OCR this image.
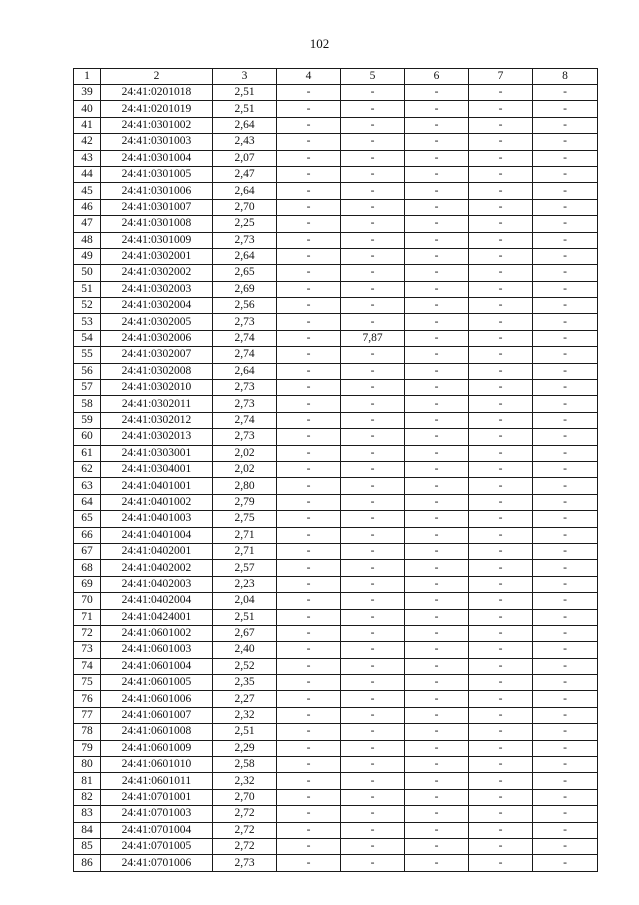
102
1	2	3	4	5	6	7	8
39	24:41:0201018	2,51	-	-	-	-	-
40	24:41:0201019	2,51	-	-	-	-	-
41	24:41:0301002	2,64	-	-	-	-	-
42	24:41:0301003	2,43	-	-	-	-	-
43	24:41:0301004	2,07	-	-	-	-	-
44	24:41:0301005	2,47	-	-	-	-	-
45	24:41:0301006	2,64	-	-	-	-	-
46	24:41:0301007	2,70	-	-	-	-	-
47	24:41:0301008	2,25	-	-	-	-	-
48	24:41:0301009	2,73	-	-	-	-	-
49	24:41:0302001	2,64	-	-	-	-	-
50	24:41:0302002	2,65	-	-	-	-	-
51	24:41:0302003	2,69	-	-	-	-	-
52	24:41:0302004	2,56	-	-	-	-	-
53	24:41:0302005	2,73	-	-	-	-	-
54	24:41:0302006	2,74	-	7,87	-	-	-
55	24:41:0302007	2,74	-	-	-	-	-
56	24:41:0302008	2,64	-	-	-	-	-
57	24:41:0302010	2,73	-	-	-	-	-
58	24:41:0302011	2,73	-	-	-	-	-
59	24:41:0302012	2,74	-	-	-	-	-
60	24:41:0302013	2,73	-	-	-	-	-
61	24:41:0303001	2,02	-	-	-	-	-
62	24:41:0304001	2,02	-	-	-	-	-
63	24:41:0401001	2,80	-	-	-	-	-
64	24:41:0401002	2,79	-	-	-	-	-
65	24:41:0401003	2,75	-	-	-	-	-
66	24:41:0401004	2,71	-	-	-	-	-
67	24:41:0402001	2,71	-	-	-	-	-
68	24:41:0402002	2,57	-	-	-	-	-
69	24:41:0402003	2,23	-	-	-	-	-
70	24:41:0402004	2,04	-	-	-	-	-
71	24:41:0424001	2,51	-	-	-	-	-
72	24:41:0601002	2,67	-	-	-	-	-
73	24:41:0601003	2,40	-	-	-	-	-
74	24:41:0601004	2,52	-	-	-	-	-
75	24:41:0601005	2,35	-	-	-	-	-
76	24:41:0601006	2,27	-	-	-	-	-
77	24:41:0601007	2,32	-	-	-	-	-
78	24:41:0601008	2,51	-	-	-	-	-
79	24:41:0601009	2,29	-	-	-	-	-
80	24:41:0601010	2,58	-	-	-	-	-
81	24:41:0601011	2,32	-	-	-	-	-
82	24:41:0701001	2,70	-	-	-	-	-
83	24:41:0701003	2,72	-	-	-	-	-
84	24:41:0701004	2,72	-	-	-	-	-
85	24:41:0701005	2,72	-	-	-	-	-
86	24:41:0701006	2,73	-	-	-	-	-
